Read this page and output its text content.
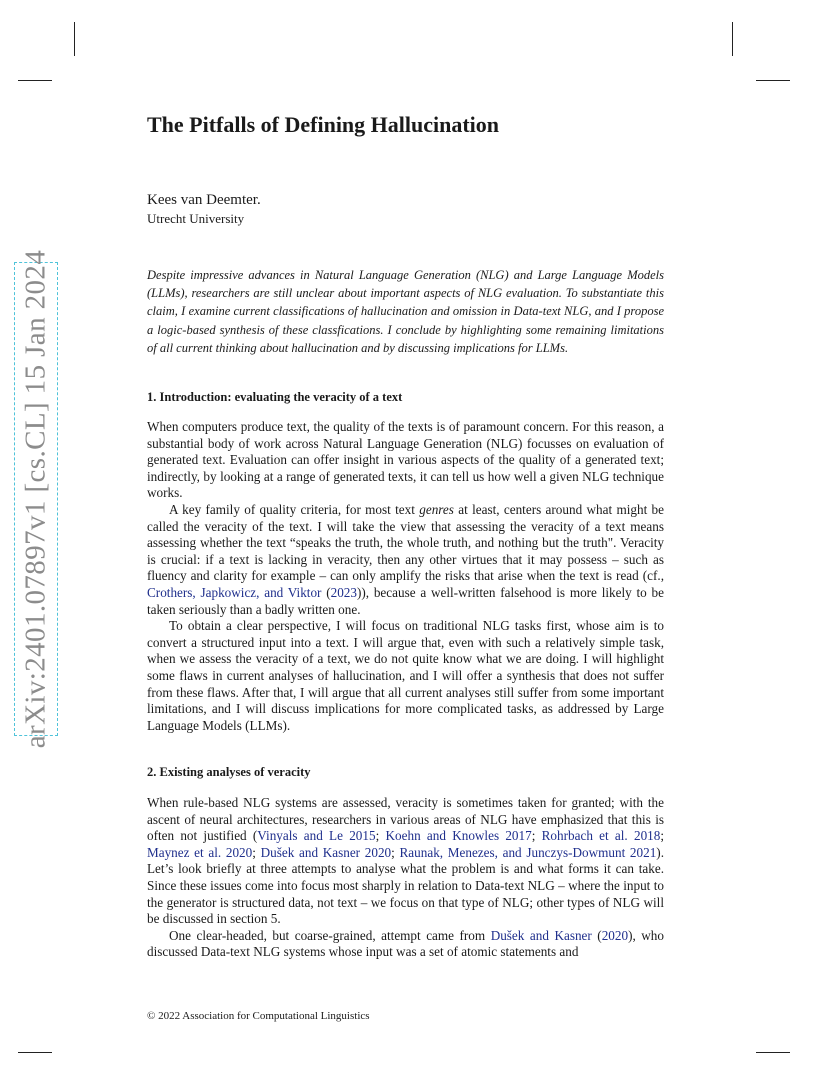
arXiv:2401.07897v1 [cs.CL] 15 Jan 2024
The Pitfalls of Defining Hallucination
Kees van Deemter.
Utrecht University

Despite impressive advances in Natural Language Generation (NLG) and Large Language Models (LLMs), researchers are still unclear about important aspects of NLG evaluation. To substantiate this claim, I examine current classifications of hallucination and omission in Data-text NLG, and I propose a logic-based synthesis of these classfications. I conclude by highlighting some remaining limitations of all current thinking about hallucination and by discussing implications for LLMs.

1. Introduction: evaluating the veracity of a text

When computers produce text, the quality of the texts is of paramount concern. For this reason, a substantial body of work across Natural Language Generation (NLG) focusses on evaluation of generated text. Evaluation can offer insight in various aspects of the quality of a generated text; indirectly, by looking at a range of generated texts, it can tell us how well a given NLG technique works.

A key family of quality criteria, for most text genres at least, centers around what might be called the veracity of the text. I will take the view that assessing the veracity of a text means assessing whether the text “speaks the truth, the whole truth, and nothing but the truth". Veracity is crucial: if a text is lacking in veracity, then any other virtues that it may possess – such as fluency and clarity for example – can only amplify the risks that arise when the text is read (cf., Crothers, Japkowicz, and Viktor (2023)), because a well-written falsehood is more likely to be taken seriously than a badly written one.

To obtain a clear perspective, I will focus on traditional NLG tasks first, whose aim is to convert a structured input into a text. I will argue that, even with such a relatively simple task, when we assess the veracity of a text, we do not quite know what we are doing. I will highlight some flaws in current analyses of hallucination, and I will offer a synthesis that does not suffer from these flaws. After that, I will argue that all current analyses still suffer from some important limitations, and I will discuss implications for more complicated tasks, as addressed by Large Language Models (LLMs).

2. Existing analyses of veracity

When rule-based NLG systems are assessed, veracity is sometimes taken for granted; with the ascent of neural architectures, researchers in various areas of NLG have emphasized that this is often not justified (Vinyals and Le 2015; Koehn and Knowles 2017; Rohrbach et al. 2018; Maynez et al. 2020; Dušek and Kasner 2020; Raunak, Menezes, and Junczys-Dowmunt 2021). Let’s look briefly at three attempts to analyse what the problem is and what forms it can take. Since these issues come into focus most sharply in relation to Data-text NLG – where the input to the generator is structured data, not text – we focus on that type of NLG; other types of NLG will be discussed in section 5.

One clear-headed, but coarse-grained, attempt came from Dušek and Kasner (2020), who discussed Data-text NLG systems whose input was a set of atomic statements and

© 2022 Association for Computational Linguistics
